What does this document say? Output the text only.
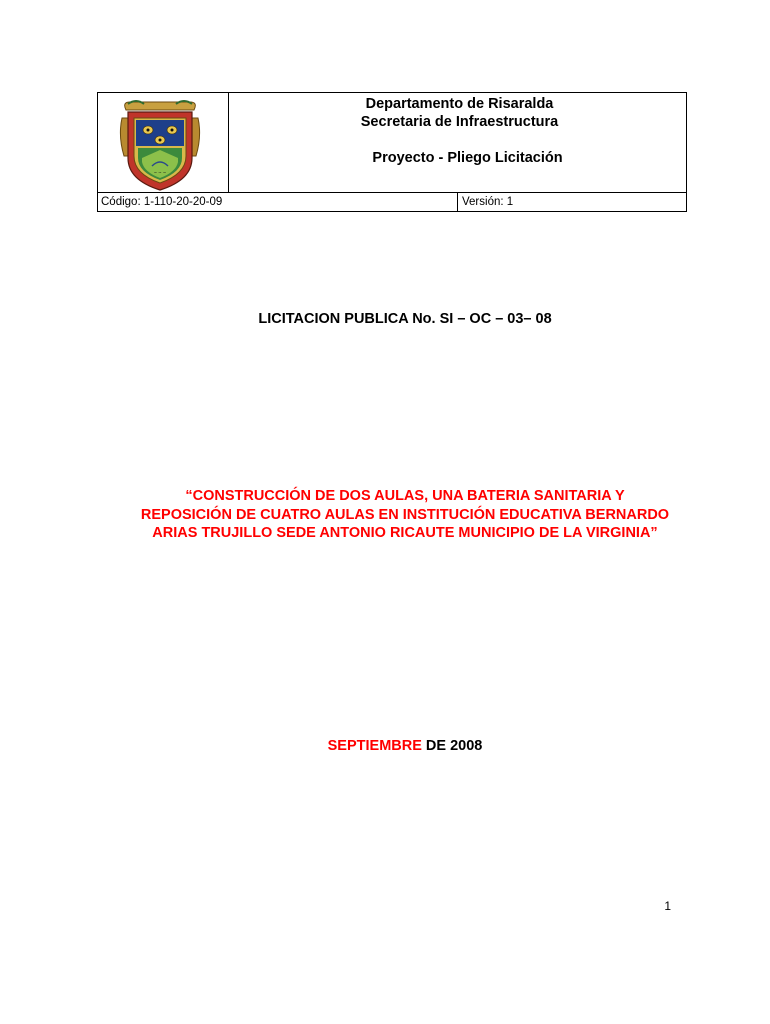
~ ~ ~	Departamento de Risaralda
Secretaria de Infraestructura
Proyecto - Pliego Licitación	

Código: 1-110-20-20-09		Versión: 1
LICITACION PUBLICA No. SI – OC – 03– 08
“CONSTRUCCIÓN DE DOS AULAS, UNA BATERIA SANITARIA Y REPOSICIÓN DE CUATRO AULAS EN INSTITUCIÓN EDUCATIVA BERNARDO ARIAS TRUJILLO SEDE ANTONIO RICAUTE MUNICIPIO DE LA VIRGINIA”
SEPTIEMBRE DE 2008
1
